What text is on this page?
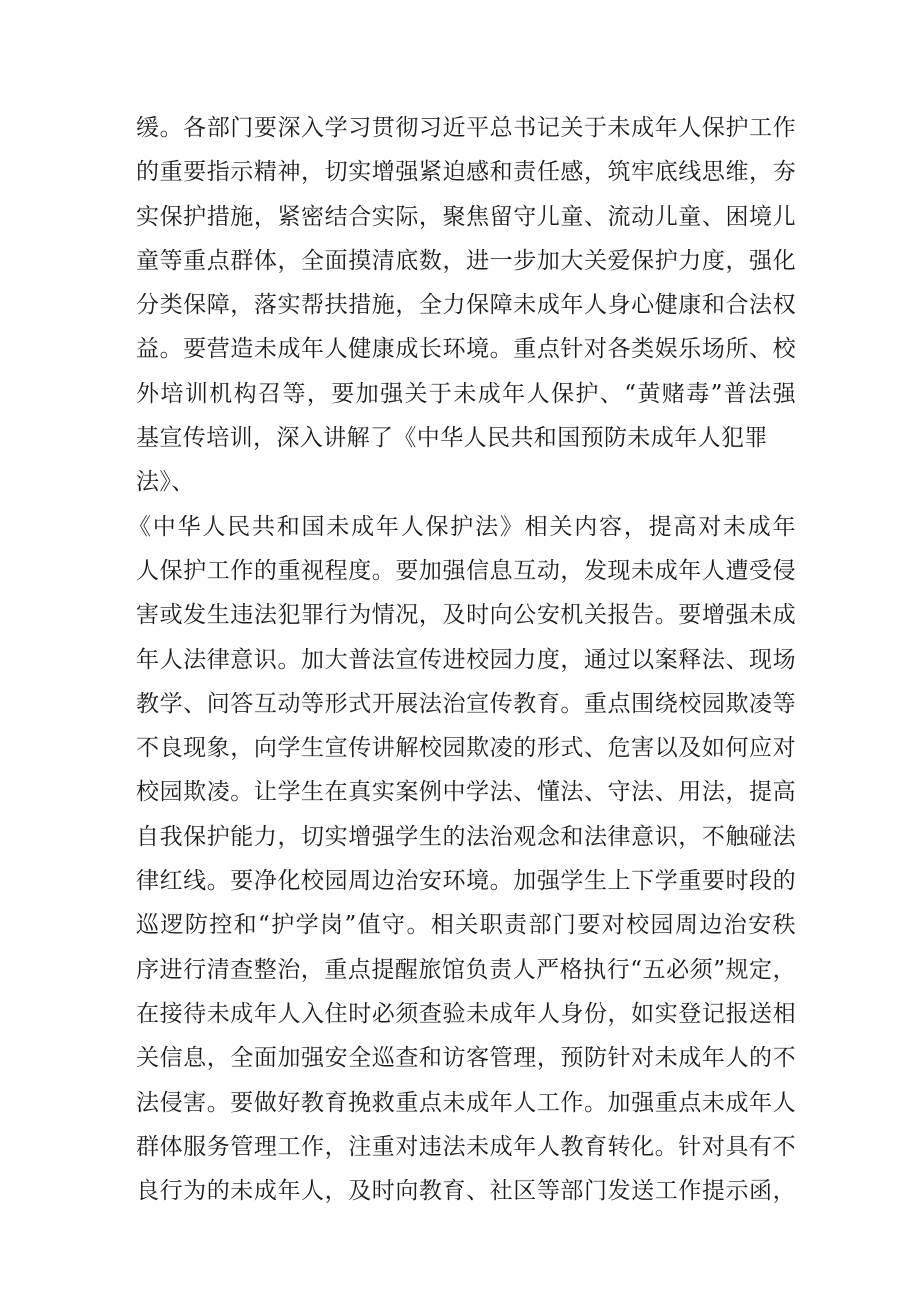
缓。各部门要深入学习贯彻习近平总书记关于未成年人保护工作
的重要指示精神，切实增强紧迫感和责任感，筑牢底线思维，夯
实保护措施，紧密结合实际，聚焦留守儿童、流动儿童、困境儿
童等重点群体，全面摸清底数，进一步加大关爱保护力度，强化
分类保障，落实帮扶措施，全力保障未成年人身心健康和合法权
益。要营造未成年人健康成长环境。重点针对各类娱乐场所、校
外培训机构召等，要加强关于未成年人保护、“黄赌毒”普法强
基宣传培训，深入讲解了《中华人民共和国预防未成年人犯罪
法》、
《中华人民共和国未成年人保护法》相关内容，提高对未成年
人保护工作的重视程度。要加强信息互动，发现未成年人遭受侵
害或发生违法犯罪行为情况，及时向公安机关报告。要增强未成
年人法律意识。加大普法宣传进校园力度，通过以案释法、现场
教学、问答互动等形式开展法治宣传教育。重点围绕校园欺凌等
不良现象，向学生宣传讲解校园欺凌的形式、危害以及如何应对
校园欺凌。让学生在真实案例中学法、懂法、守法、用法，提高
自我保护能力，切实增强学生的法治观念和法律意识，不触碰法
律红线。要净化校园周边治安环境。加强学生上下学重要时段的
巡逻防控和“护学岗”值守。相关职责部门要对校园周边治安秩
序进行清查整治，重点提醒旅馆负责人严格执行“五必须”规定，
在接待未成年人入住时必须查验未成年人身份，如实登记报送相
关信息，全面加强安全巡查和访客管理，预防针对未成年人的不
法侵害。要做好教育挽救重点未成年人工作。加强重点未成年人
群体服务管理工作，注重对违法未成年人教育转化。针对具有不
良行为的未成年人，及时向教育、社区等部门发送工作提示函，
